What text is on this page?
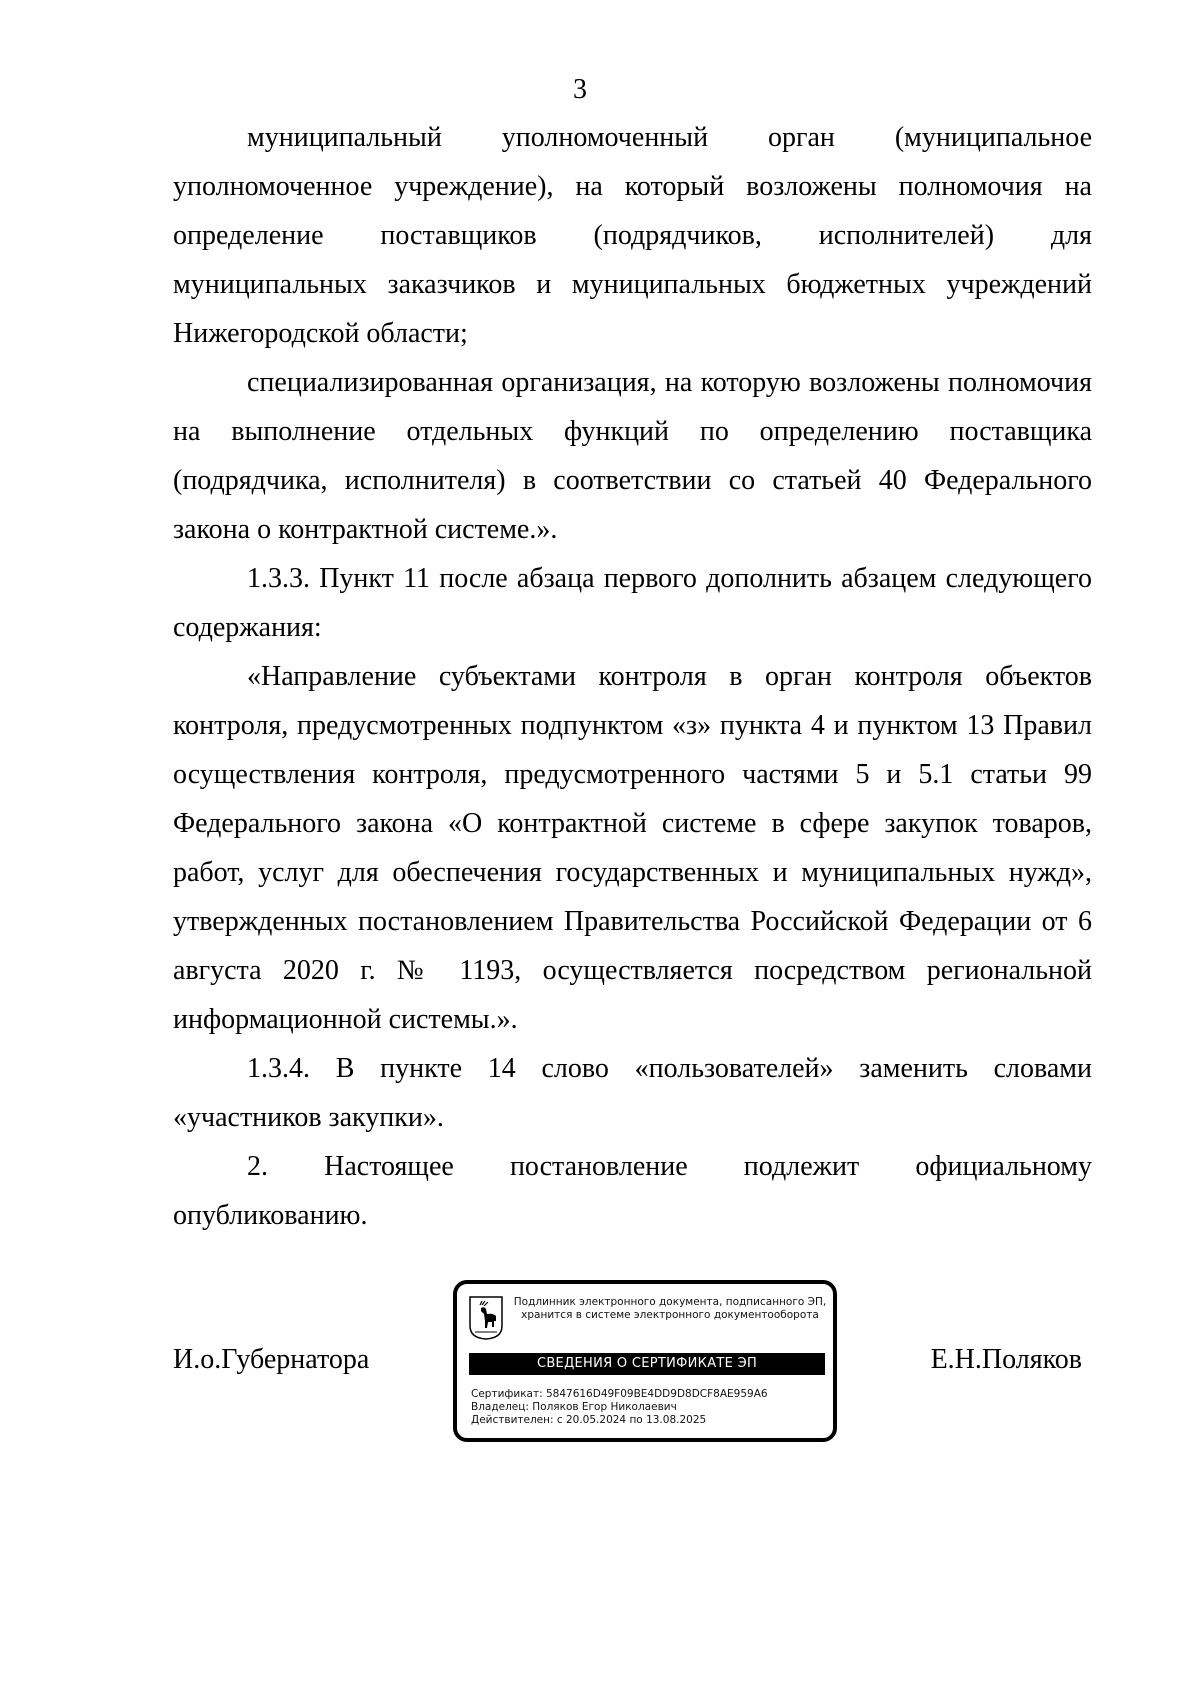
3

муниципальный уполномоченный орган (муниципальное уполномоченное учреждение), на который возложены полномочия на определение поставщиков (подрядчиков, исполнителей) для муниципальных заказчиков и муниципальных бюджетных учреждений Нижегородской области;

специализированная организация, на которую возложены полномочия на выполнение отдельных функций по определению поставщика (подрядчика, исполнителя) в соответствии со статьей 40 Федерального закона о контрактной системе.».

1.3.3. Пункт 11 после абзаца первого дополнить абзацем следующего содержания:

«Направление субъектами контроля в орган контроля объектов контроля, предусмотренных подпунктом «з» пункта 4 и пунктом 13 Правил осуществления контроля, предусмотренного частями 5 и 5.1 статьи 99 Федерального закона «О контрактной системе в сфере закупок товаров, работ, услуг для обеспечения государственных и муниципальных нужд», утвержденных постановлением Правительства Российской Федерации от 6 августа 2020 г. № 1193, осуществляется посредством региональной информационной системы.».

1.3.4. В пункте 14 слово «пользователей» заменить словами «участников закупки».

2. Настоящее постановление подлежит официальному опубликованию.

И.о.Губернатора	Е.Н.Поляков
Подлинник электронного документа, подписанного ЭП,
хранится в системе электронного документооборота
СВЕДЕНИЯ О СЕРТИФИКАТЕ ЭП
Сертификат: 5847616D49F09BE4DD9D8DCF8AE959A6
Владелец: Поляков Егор Николаевич
Действителен: с 20.05.2024 по 13.08.2025
